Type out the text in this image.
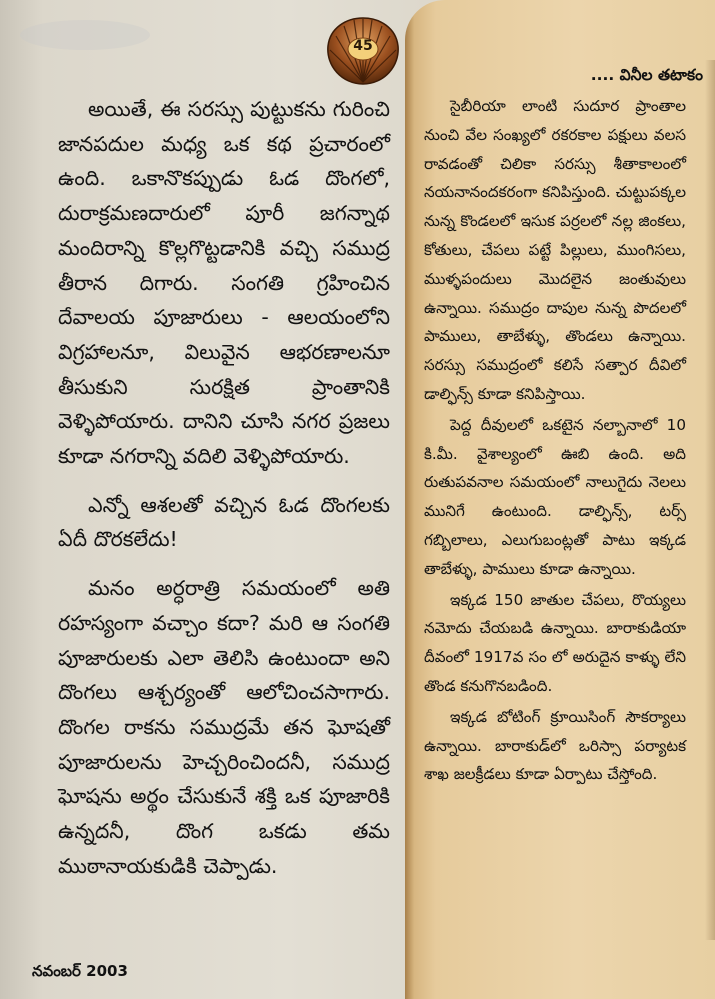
45
.... వినీల తటాకం

అయితే, ఈ సరస్సు పుట్టుకను గురించి జానపదుల మధ్య ఒక కథ ప్రచారంలో ఉంది. ఒకానొకప్పుడు ఓడ దొంగలో, దురాక్రమణదారులో పూరీ జగన్నాథ మందిరాన్ని కొల్లగొట్టడానికి వచ్చి సముద్ర తీరాన దిగారు. సంగతి గ్రహించిన దేవాలయ పూజారులు - ఆలయంలోని విగ్రహాలనూ, విలువైన ఆభరణాలనూ తీసుకుని సురక్షిత ప్రాంతానికి వెళ్ళిపోయారు. దానిని చూసి నగర ప్రజలు కూడా నగరాన్ని వదిలి వెళ్ళిపోయారు.

ఎన్నో ఆశలతో వచ్చిన ఓడ దొంగలకు ఏదీ దొరకలేదు!

మనం అర్ధరాత్రి సమయంలో అతి రహస్యంగా వచ్చాం కదా? మరి ఆ సంగతి పూజారులకు ఎలా తెలిసి ఉంటుందా అని దొంగలు ఆశ్చర్యంతో ఆలోచించసాగారు. దొంగల రాకను సముద్రమే తన ఘోషతో పూజారులను హెచ్చరించిందనీ, సముద్ర ఘోషను అర్థం చేసుకునే శక్తి ఒక పూజారికి ఉన్నదనీ, దొంగ ఒకడు తమ ముఠానాయకుడికి చెప్పాడు.

సైబీరియా లాంటి సుదూర ప్రాంతాల నుంచి వేల సంఖ్యలో రకరకాల పక్షులు వలస రావడంతో చిలికా సరస్సు శీతాకాలంలో నయనానందకరంగా కనిపిస్తుంది. చుట్టుపక్కల నున్న కొండలలో ఇసుక పర్రలలో నల్ల జింకలు, కోతులు, చేపలు పట్టే పిల్లులు, ముంగిసలు, ముళ్ళపందులు మొదలైన జంతువులు ఉన్నాయి. సముద్రం దాపుల నున్న పొదలలో పాములు, తాబేళ్ళు, తొండలు ఉన్నాయి. సరస్సు సముద్రంలో కలిసే సత్పార దీవిలో డాల్ఫిన్స్ కూడా కనిపిస్తాయి.

పెద్ద దీవులలో ఒకటైన నల్బానాలో 10 కి.మీ. వైశాల్యంలో ఊబి ఉంది. అది రుతుపవనాల సమయంలో నాలుగైదు నెలలు మునిగే ఉంటుంది. డాల్ఫిన్స్, టర్స్ గబ్బిలాలు, ఎలుగుబంట్లతో పాటు ఇక్కడ తాబేళ్ళు, పాములు కూడా ఉన్నాయి.

ఇక్కడ 150 జాతుల చేపలు, రొయ్యలు నమోదు చేయబడి ఉన్నాయి. బారాకుడియా దీవంలో 1917వ సం లో అరుదైన కాళ్ళు లేని తొండ కనుగొనబడింది.

ఇక్కడ బోటింగ్ క్రూయిసింగ్ సౌకర్యాలు ఉన్నాయి. బారాకుడ్‌లో ఒరిస్సా పర్యాటక శాఖ జలక్రీడలు కూడా ఏర్పాటు చేస్తోంది.

నవంబర్ 2003
